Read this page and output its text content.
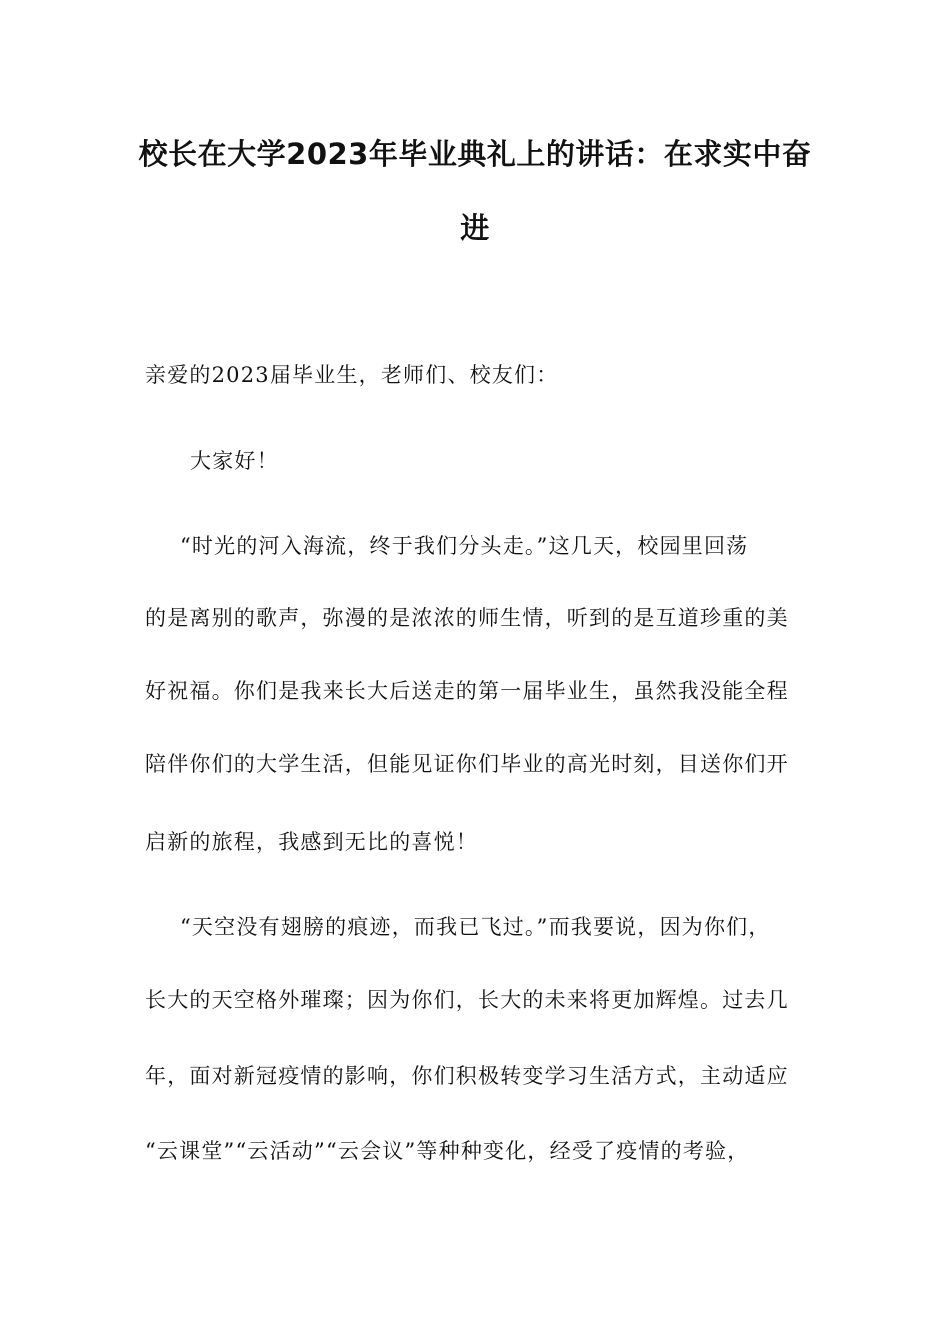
校长在大学2023年毕业典礼上的讲话：在求实中奋
进

亲爱的2023届毕业生，老师们、校友们：

大家好！

“时光的河入海流，终于我们分头走。”这几天，校园里回荡

的是离别的歌声，弥漫的是浓浓的师生情，听到的是互道珍重的美

好祝福。你们是我来长大后送走的第一届毕业生，虽然我没能全程

陪伴你们的大学生活，但能见证你们毕业的高光时刻，目送你们开

启新的旅程，我感到无比的喜悦！

“天空没有翅膀的痕迹，而我已飞过。”而我要说，因为你们，

长大的天空格外璀璨；因为你们，长大的未来将更加辉煌。过去几

年，面对新冠疫情的影响，你们积极转变学习生活方式，主动适应

“云课堂”“云活动”“云会议”等种种变化，经受了疫情的考验，
